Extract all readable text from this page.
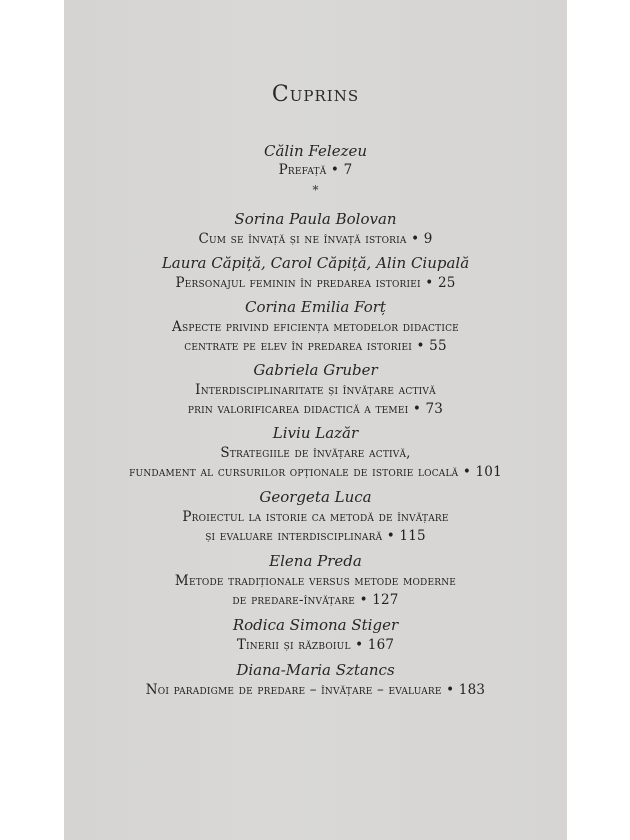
Cuprins
Călin Felezeu
Prefață • 7
*
Sorina Paula Bolovan
Cum se învață și ne învață istoria • 9
Laura Căpiță, Carol Căpiță, Alin Ciupală
Personajul feminin în predarea istoriei • 25
Corina Emilia Forț
Aspecte privind eficiența metodelor didactice
centrate pe elev în predarea istoriei • 55
Gabriela Gruber
Interdisciplinaritate și învățare activă
prin valorificarea didactică a temei • 73
Liviu Lazăr
Strategiile de învățare activă,
fundament al cursurilor opționale de istorie locală • 101
Georgeta Luca
Proiectul la istorie ca metodă de învățare
și evaluare interdisciplinară • 115
Elena Preda
Metode tradiționale versus metode moderne
de predare-învățare • 127
Rodica Simona Stiger
Tinerii și războiul • 167
Diana-Maria Sztancs
Noi paradigme de predare – învățare – evaluare • 183
